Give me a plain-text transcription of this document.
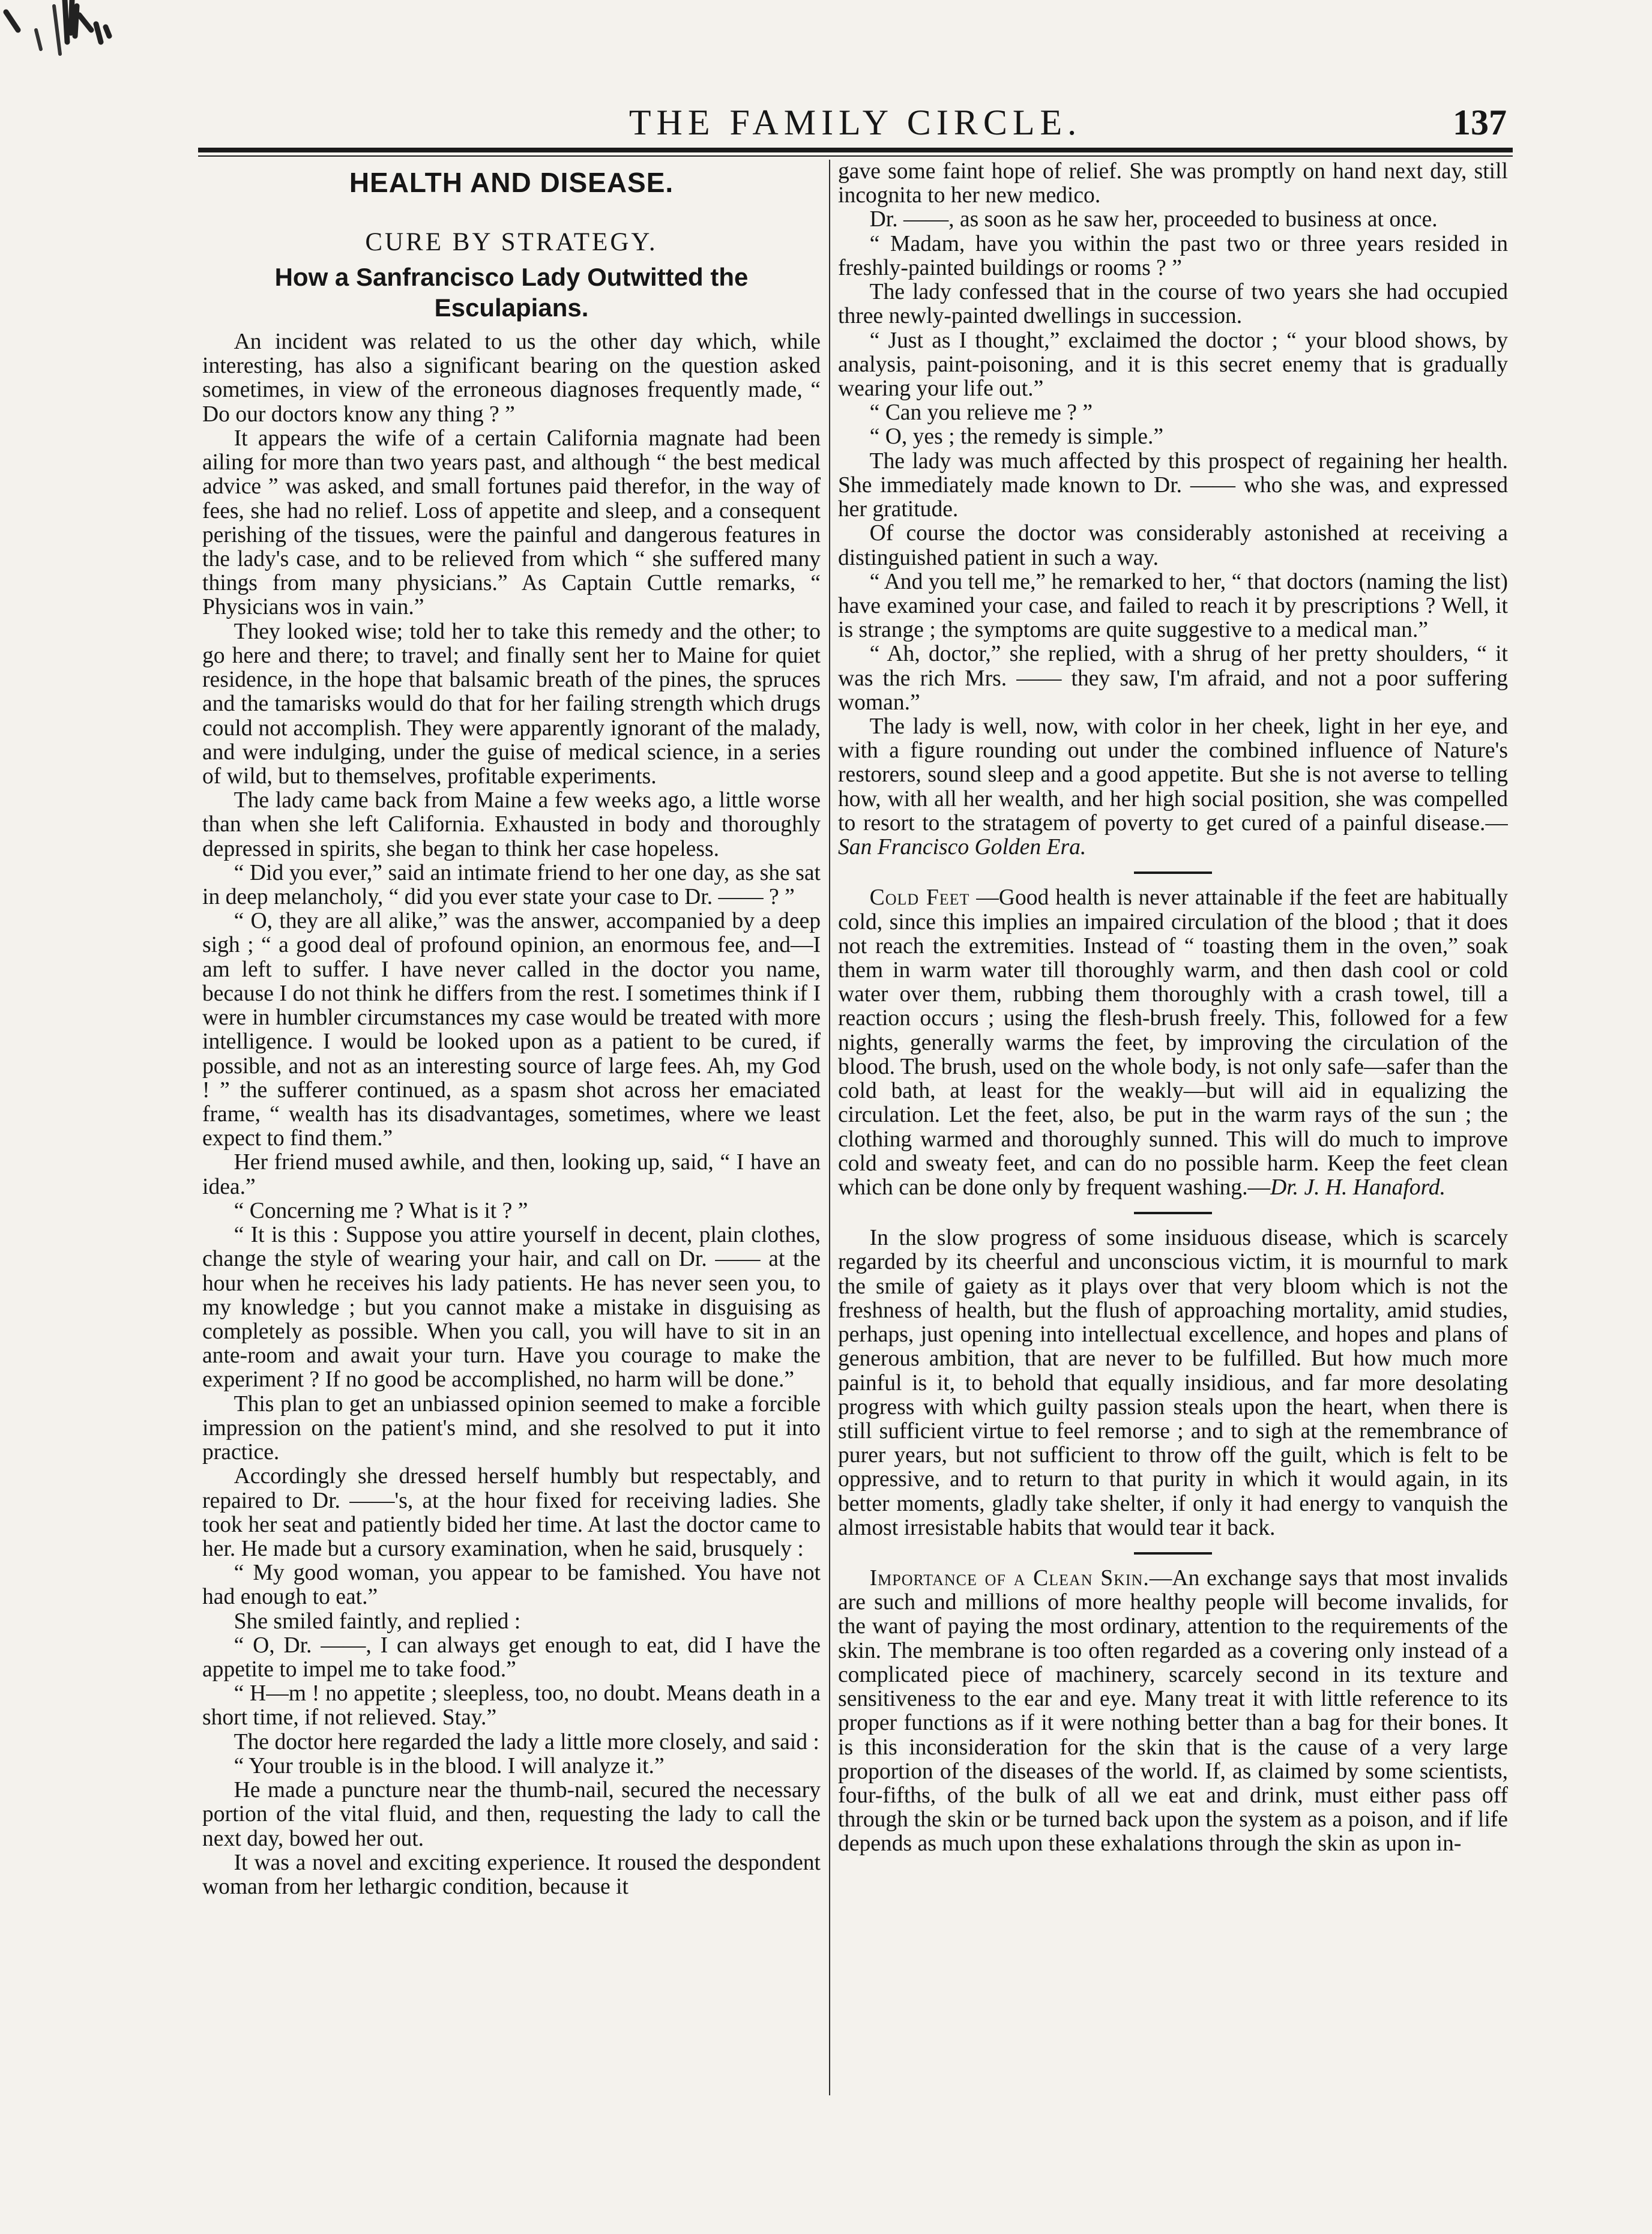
THE FAMILY CIRCLE.	137
HEALTH AND DISEASE.
CURE BY STRATEGY.
How a Sanfrancisco Lady Outwitted the Esculapians.

An incident was related to us the other day which, while interesting, has also a significant bearing on the question asked sometimes, in view of the erroneous diagnoses frequently made, “ Do our doctors know any thing ? ”

It appears the wife of a certain California magnate had been ailing for more than two years past, and although “ the best medical advice ” was asked, and small fortunes paid therefor, in the way of fees, she had no relief. Loss of appetite and sleep, and a consequent perishing of the tissues, were the painful and dangerous features in the lady's case, and to be relieved from which “ she suffered many things from many physicians.” As Captain Cuttle remarks, “ Physicians wos in vain.”

They looked wise; told her to take this remedy and the other; to go here and there; to travel; and finally sent her to Maine for quiet residence, in the hope that balsamic breath of the pines, the spruces and the tamarisks would do that for her failing strength which drugs could not accomplish. They were apparently ignorant of the malady, and were indulging, under the guise of medical science, in a series of wild, but to themselves, profitable experiments.

The lady came back from Maine a few weeks ago, a little worse than when she left California. Exhausted in body and thoroughly depressed in spirits, she began to think her case hopeless.

“ Did you ever,” said an intimate friend to her one day, as she sat in deep melancholy, “ did you ever state your case to Dr. —— ? ”

“ O, they are all alike,” was the answer, accompanied by a deep sigh ; “ a good deal of profound opinion, an enormous fee, and—I am left to suffer. I have never called in the doctor you name, because I do not think he differs from the rest. I sometimes think if I were in humbler circumstances my case would be treated with more intelligence. I would be looked upon as a patient to be cured, if possible, and not as an interesting source of large fees. Ah, my God ! ” the sufferer continued, as a spasm shot across her emaciated frame, “ wealth has its disadvantages, sometimes, where we least expect to find them.”

Her friend mused awhile, and then, looking up, said, “ I have an idea.”

“ Concerning me ? What is it ? ”

“ It is this : Suppose you attire yourself in decent, plain clothes, change the style of wearing your hair, and call on Dr. —— at the hour when he receives his lady patients. He has never seen you, to my knowledge ; but you cannot make a mistake in disguising as completely as possible. When you call, you will have to sit in an ante-room and await your turn. Have you courage to make the experiment ? If no good be accomplished, no harm will be done.”

This plan to get an unbiassed opinion seemed to make a forcible impression on the patient's mind, and she resolved to put it into practice.

Accordingly she dressed herself humbly but respectably, and repaired to Dr. ——'s, at the hour fixed for receiving ladies. She took her seat and patiently bided her time. At last the doctor came to her. He made but a cursory examination, when he said, brusquely :

“ My good woman, you appear to be famished. You have not had enough to eat.”

She smiled faintly, and replied :

“ O, Dr. ——, I can always get enough to eat, did I have the appetite to impel me to take food.”

“ H—m ! no appetite ; sleepless, too, no doubt. Means death in a short time, if not relieved. Stay.”

The doctor here regarded the lady a little more closely, and said :

“ Your trouble is in the blood. I will analyze it.”

He made a puncture near the thumb-nail, secured the necessary portion of the vital fluid, and then, requesting the lady to call the next day, bowed her out.

It was a novel and exciting experience. It roused the despondent woman from her lethargic condition, because it

gave some faint hope of relief. She was promptly on hand next day, still incognita to her new medico.

Dr. ——, as soon as he saw her, proceeded to business at once.

“ Madam, have you within the past two or three years resided in freshly-painted buildings or rooms ? ”

The lady confessed that in the course of two years she had occupied three newly-painted dwellings in succession.

“ Just as I thought,” exclaimed the doctor ; “ your blood shows, by analysis, paint-poisoning, and it is this secret enemy that is gradually wearing your life out.”

“ Can you relieve me ? ”

“ O, yes ; the remedy is simple.”

The lady was much affected by this prospect of regaining her health. She immediately made known to Dr. —— who she was, and expressed her gratitude.

Of course the doctor was considerably astonished at receiving a distinguished patient in such a way.

“ And you tell me,” he remarked to her, “ that doctors (naming the list) have examined your case, and failed to reach it by prescriptions ? Well, it is strange ; the symptoms are quite suggestive to a medical man.”

“ Ah, doctor,” she replied, with a shrug of her pretty shoulders, “ it was the rich Mrs. —— they saw, I'm afraid, and not a poor suffering woman.”

The lady is well, now, with color in her cheek, light in her eye, and with a figure rounding out under the combined influence of Nature's restorers, sound sleep and a good appetite. But she is not averse to telling how, with all her wealth, and her high social position, she was compelled to resort to the stratagem of poverty to get cured of a painful disease.—San Francisco Golden Era.

Cold Feet —Good health is never attainable if the feet are habitually cold, since this implies an impaired circulation of the blood ; that it does not reach the extremities. Instead of “ toasting them in the oven,” soak them in warm water till thoroughly warm, and then dash cool or cold water over them, rubbing them thoroughly with a crash towel, till a reaction occurs ; using the flesh-brush freely. This, followed for a few nights, generally warms the feet, by improving the circulation of the blood. The brush, used on the whole body, is not only safe—safer than the cold bath, at least for the weakly—but will aid in equalizing the circulation. Let the feet, also, be put in the warm rays of the sun ; the clothing warmed and thoroughly sunned. This will do much to improve cold and sweaty feet, and can do no possible harm. Keep the feet clean which can be done only by frequent washing.—Dr. J. H. Hanaford.

In the slow progress of some insiduous disease, which is scarcely regarded by its cheerful and unconscious victim, it is mournful to mark the smile of gaiety as it plays over that very bloom which is not the freshness of health, but the flush of approaching mortality, amid studies, perhaps, just opening into intellectual excellence, and hopes and plans of generous ambition, that are never to be fulfilled. But how much more painful is it, to behold that equally insidious, and far more desolating progress with which guilty passion steals upon the heart, when there is still sufficient virtue to feel remorse ; and to sigh at the remembrance of purer years, but not sufficient to throw off the guilt, which is felt to be oppressive, and to return to that purity in which it would again, in its better moments, gladly take shelter, if only it had energy to vanquish the almost irresistable habits that would tear it back.

Importance of a Clean Skin.—An exchange says that most invalids are such and millions of more healthy people will become invalids, for the want of paying the most ordinary, attention to the requirements of the skin. The membrane is too often regarded as a covering only instead of a complicated piece of machinery, scarcely second in its texture and sensitiveness to the ear and eye. Many treat it with little reference to its proper functions as if it were nothing better than a bag for their bones. It is this inconsideration for the skin that is the cause of a very large proportion of the diseases of the world. If, as claimed by some scientists, four-fifths, of the bulk of all we eat and drink, must either pass off through the skin or be turned back upon the system as a poison, and if life depends as much upon these exhalations through the skin as upon in-
